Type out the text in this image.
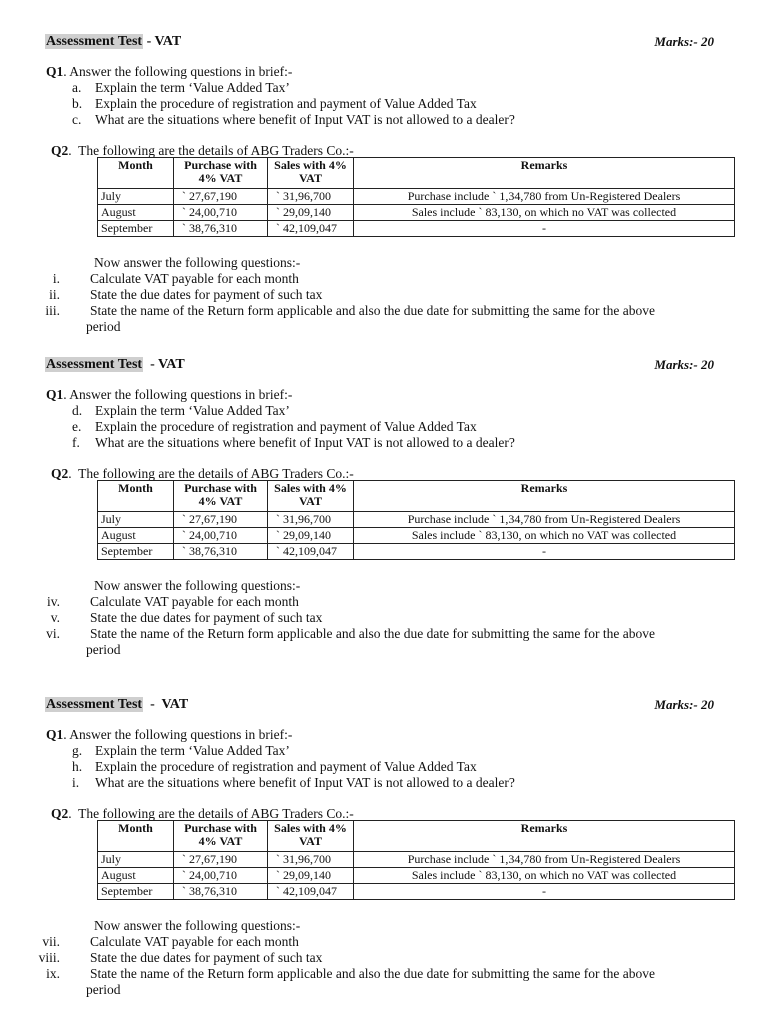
Assessment Test - VAT	Marks:- 20
Q1. Answer the following questions in brief:-
a. Explain the term ‘Value Added Tax’
b. Explain the procedure of registration and payment of Value Added Tax
c. What are the situations where benefit of Input VAT is not allowed to a dealer?
Q2.  The following are the details of ABG Traders Co.:-
Month	Purchase with 4% VAT	Sales with 4% VAT	Remarks
July	` 27,67,190	` 31,96,700	Purchase include ` 1,34,780 from Un-Registered Dealers
August	` 24,00,710	` 29,09,140	Sales include ` 83,130, on which no VAT was collected
September	` 38,76,310	` 42,109,047	-
Now answer the following questions:-
i. Calculate VAT payable for each month
ii. State the due dates for payment of such tax
iii. State the name of the Return form applicable and also the due date for submitting the same for the above
period
Assessment Test  - VAT	Marks:- 20
Q1. Answer the following questions in brief:-
d. Explain the term ‘Value Added Tax’
e. Explain the procedure of registration and payment of Value Added Tax
f. What are the situations where benefit of Input VAT is not allowed to a dealer?
Q2.  The following are the details of ABG Traders Co.:-
Month	Purchase with 4% VAT	Sales with 4% VAT	Remarks
July	` 27,67,190	` 31,96,700	Purchase include ` 1,34,780 from Un-Registered Dealers
August	` 24,00,710	` 29,09,140	Sales include ` 83,130, on which no VAT was collected
September	` 38,76,310	` 42,109,047	-
Now answer the following questions:-
iv. Calculate VAT payable for each month
v. State the due dates for payment of such tax
vi. State the name of the Return form applicable and also the due date for submitting the same for the above
period
Assessment Test  -  VAT	Marks:- 20
Q1. Answer the following questions in brief:-
g. Explain the term ‘Value Added Tax’
h. Explain the procedure of registration and payment of Value Added Tax
i. What are the situations where benefit of Input VAT is not allowed to a dealer?
Q2.  The following are the details of ABG Traders Co.:-
Month	Purchase with 4% VAT	Sales with 4% VAT	Remarks
July	` 27,67,190	` 31,96,700	Purchase include ` 1,34,780 from Un-Registered Dealers
August	` 24,00,710	` 29,09,140	Sales include ` 83,130, on which no VAT was collected
September	` 38,76,310	` 42,109,047	-
Now answer the following questions:-
vii. Calculate VAT payable for each month
viii. State the due dates for payment of such tax
ix. State the name of the Return form applicable and also the due date for submitting the same for the above
period
